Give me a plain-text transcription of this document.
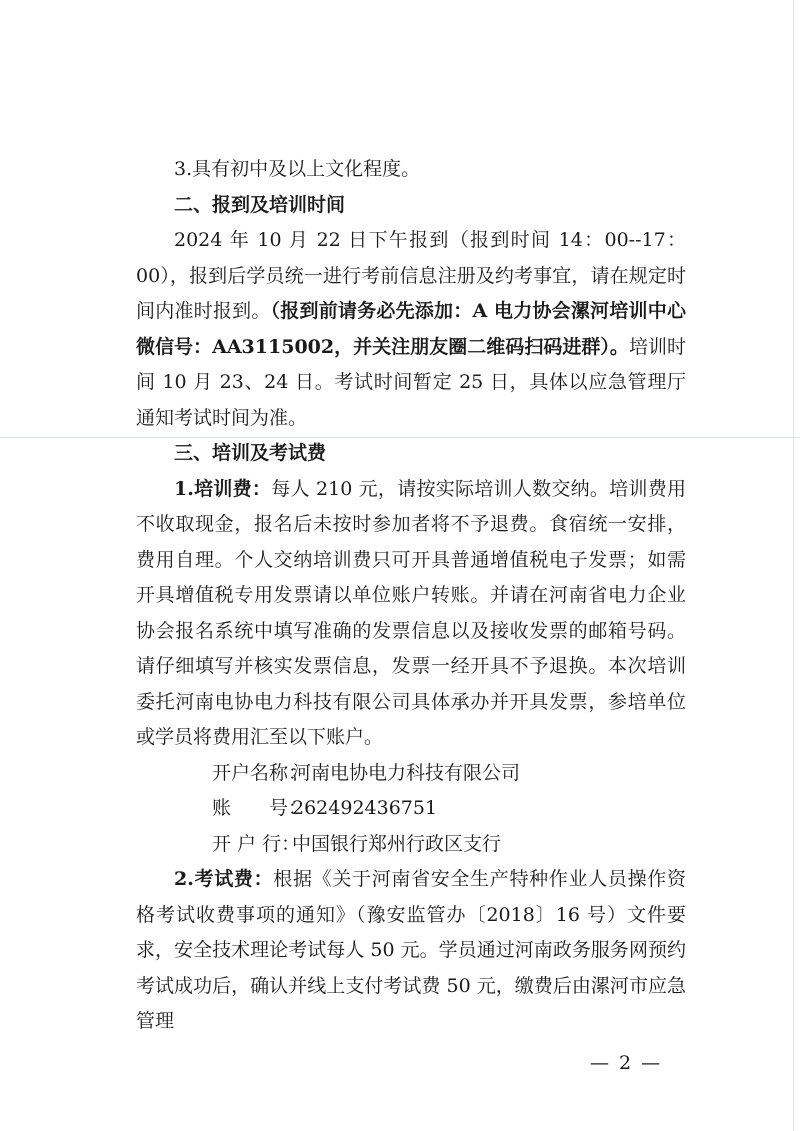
3.具有初中及以上文化程度。

二、报到及培训时间

2024 年 10 月 22 日下午报到（报到时间 14：00--17：00），报到后学员统一进行考前信息注册及约考事宜，请在规定时间内准时报到。（报到前请务必先添加：A 电力协会漯河培训中心微信号：AA3115002，并关注朋友圈二维码扫码进群）。培训时间 10 月 23、24 日。考试时间暂定 25 日，具体以应急管理厅通知考试时间为准。

三、培训及考试费

1.培训费：每人 210 元，请按实际培训人数交纳。培训费用不收取现金，报名后未按时参加者将不予退费。食宿统一安排，费用自理。个人交纳培训费只可开具普通增值税电子发票；如需开具增值税专用发票请以单位账户转账。并请在河南省电力企业协会报名系统中填写准确的发票信息以及接收发票的邮箱号码。请仔细填写并核实发票信息，发票一经开具不予退换。本次培训委托河南电协电力科技有限公司具体承办并开具发票，参培单位或学员将费用汇至以下账户。

开户名称：河南电协电力科技有限公司

账　　号：262492436751

开 户 行：中国银行郑州行政区支行

2.考试费：根据《关于河南省安全生产特种作业人员操作资格考试收费事项的通知》（豫安监管办〔2018〕16 号）文件要求，安全技术理论考试每人 50 元。学员通过河南政务服务网预约考试成功后，确认并线上支付考试费 50 元，缴费后由漯河市应急管理

— 2 —
